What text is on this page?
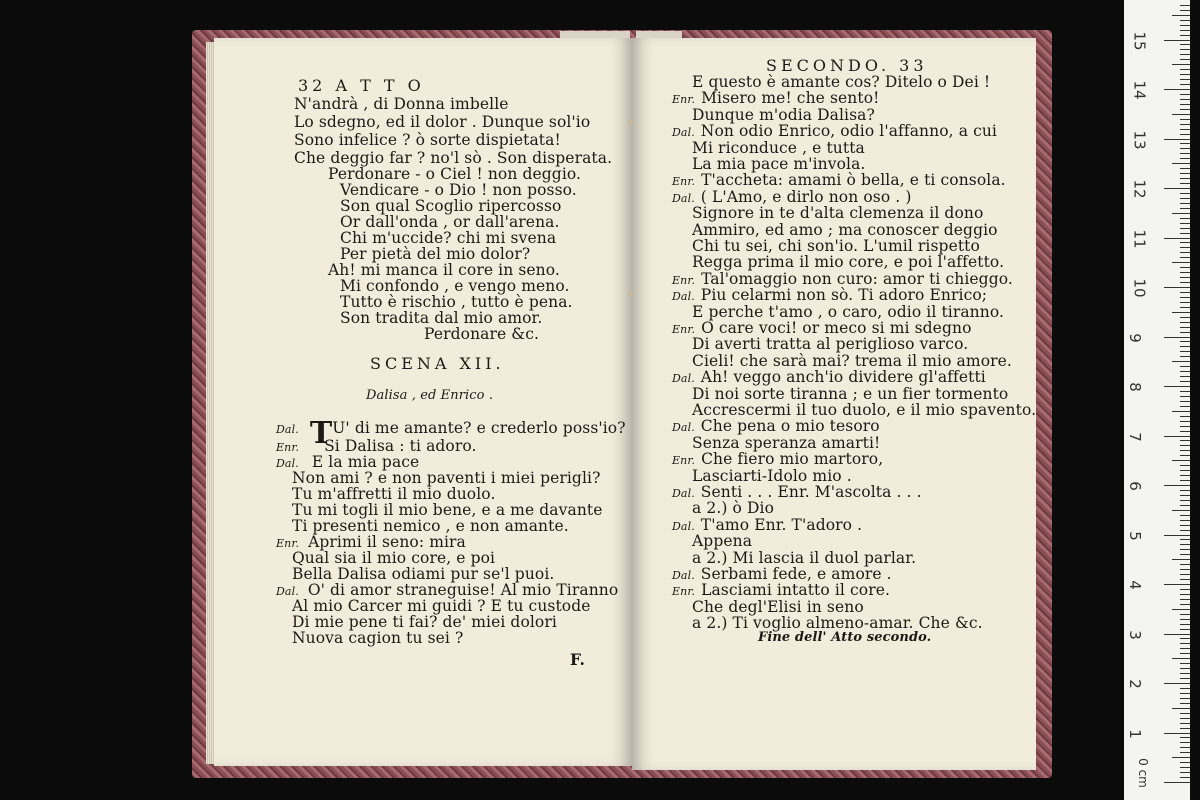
32 A T T O
N'andrà , di Donna imbelle
Lo sdegno, ed il dolor . Dunque sol'io
Sono infelice ? ò sorte dispietata!
Che deggio far ? no'l sò . Son disperata.
Perdonare - o Ciel ! non deggio.
Vendicare - o Dio ! non posso.
Son qual Scoglio ripercosso
Or dall'onda , or dall'arena.
Chi m'uccide? chi mi svena
Per pietà del mio dolor?
Ah! mi manca il core in seno.
Mi confondo , e vengo meno.
Tutto è rischio , tutto è pena.
Son tradita dal mio amor.
Perdonare &c.
SCENA XII.
Dalisa , ed Enrico .
Dal. TU' di me amante? e crederlo poss'io?
Enr. Si Dalisa : ti adoro.
Dal. E la mia pace
Non ami ? e non paventi i miei perigli?
Tu m'affretti il mio duolo.
Tu mi togli il mio bene, e a me davante
Ti presenti nemico , e non amante.
Enr. Aprimi il seno: mira
Qual sia il mio core, e poi
Bella Dalisa odiami pur se'l puoi.
Dal. O' di amor straneguise! Al mio Tiranno
Al mio Carcer mi guidi ? E tu custode
Di mie pene ti fai? de' miei dolori
Nuova cagion tu sei ?
F.
SECONDO. 33
E questo è amante cos? Ditelo o Dei !
Enr. Misero me! che sento!
Dunque m'odia Dalisa?
Dal. Non odio Enrico, odio l'affanno, a cui
Mi riconduce , e tutta
La mia pace m'invola.
Enr. T'accheta: amami ò bella, e ti consola.
Dal. ( L'Amo, e dirlo non oso . )
Signore in te d'alta clemenza il dono
Ammiro, ed amo ; ma conoscer deggio
Chi tu sei, chi son'io. L'umil rispetto
Regga prima il mio core, e poi l'affetto.
Enr. Tal'omaggio non curo: amor ti chieggo.
Dal. Piu celarmi non sò. Ti adoro Enrico;
E perche t'amo , o caro, odio il tiranno.
Enr. O care voci! or meco si mi sdegno
Di averti tratta al periglioso varco.
Cieli! che sarà mai? trema il mio amore.
Dal. Ah! veggo anch'io dividere gl'affetti
Di noi sorte tiranna ; e un fier tormento
Accrescermi il tuo duolo, e il mio spavento.
Dal. Che pena o mio tesoro
Senza speranza amarti!
Enr. Che fiero mio martoro,
Lasciarti-Idolo mio .
Dal. Senti . . . Enr. M'ascolta . . .
a 2.) ò Dio
Dal. T'amo Enr. T'adoro .
Appena
a 2.) Mi lascia il duol parlar.
Dal. Serbami fede, e amore .
Enr. Lasciami intatto il core.
Che degl'Elisi in seno
a 2.) Ti voglio almeno-amar. Che &c.
Fine dell' Atto secondo.
15
14
13
12
11
10
9
8
7
6
5
4
3
2
1
0 cm
